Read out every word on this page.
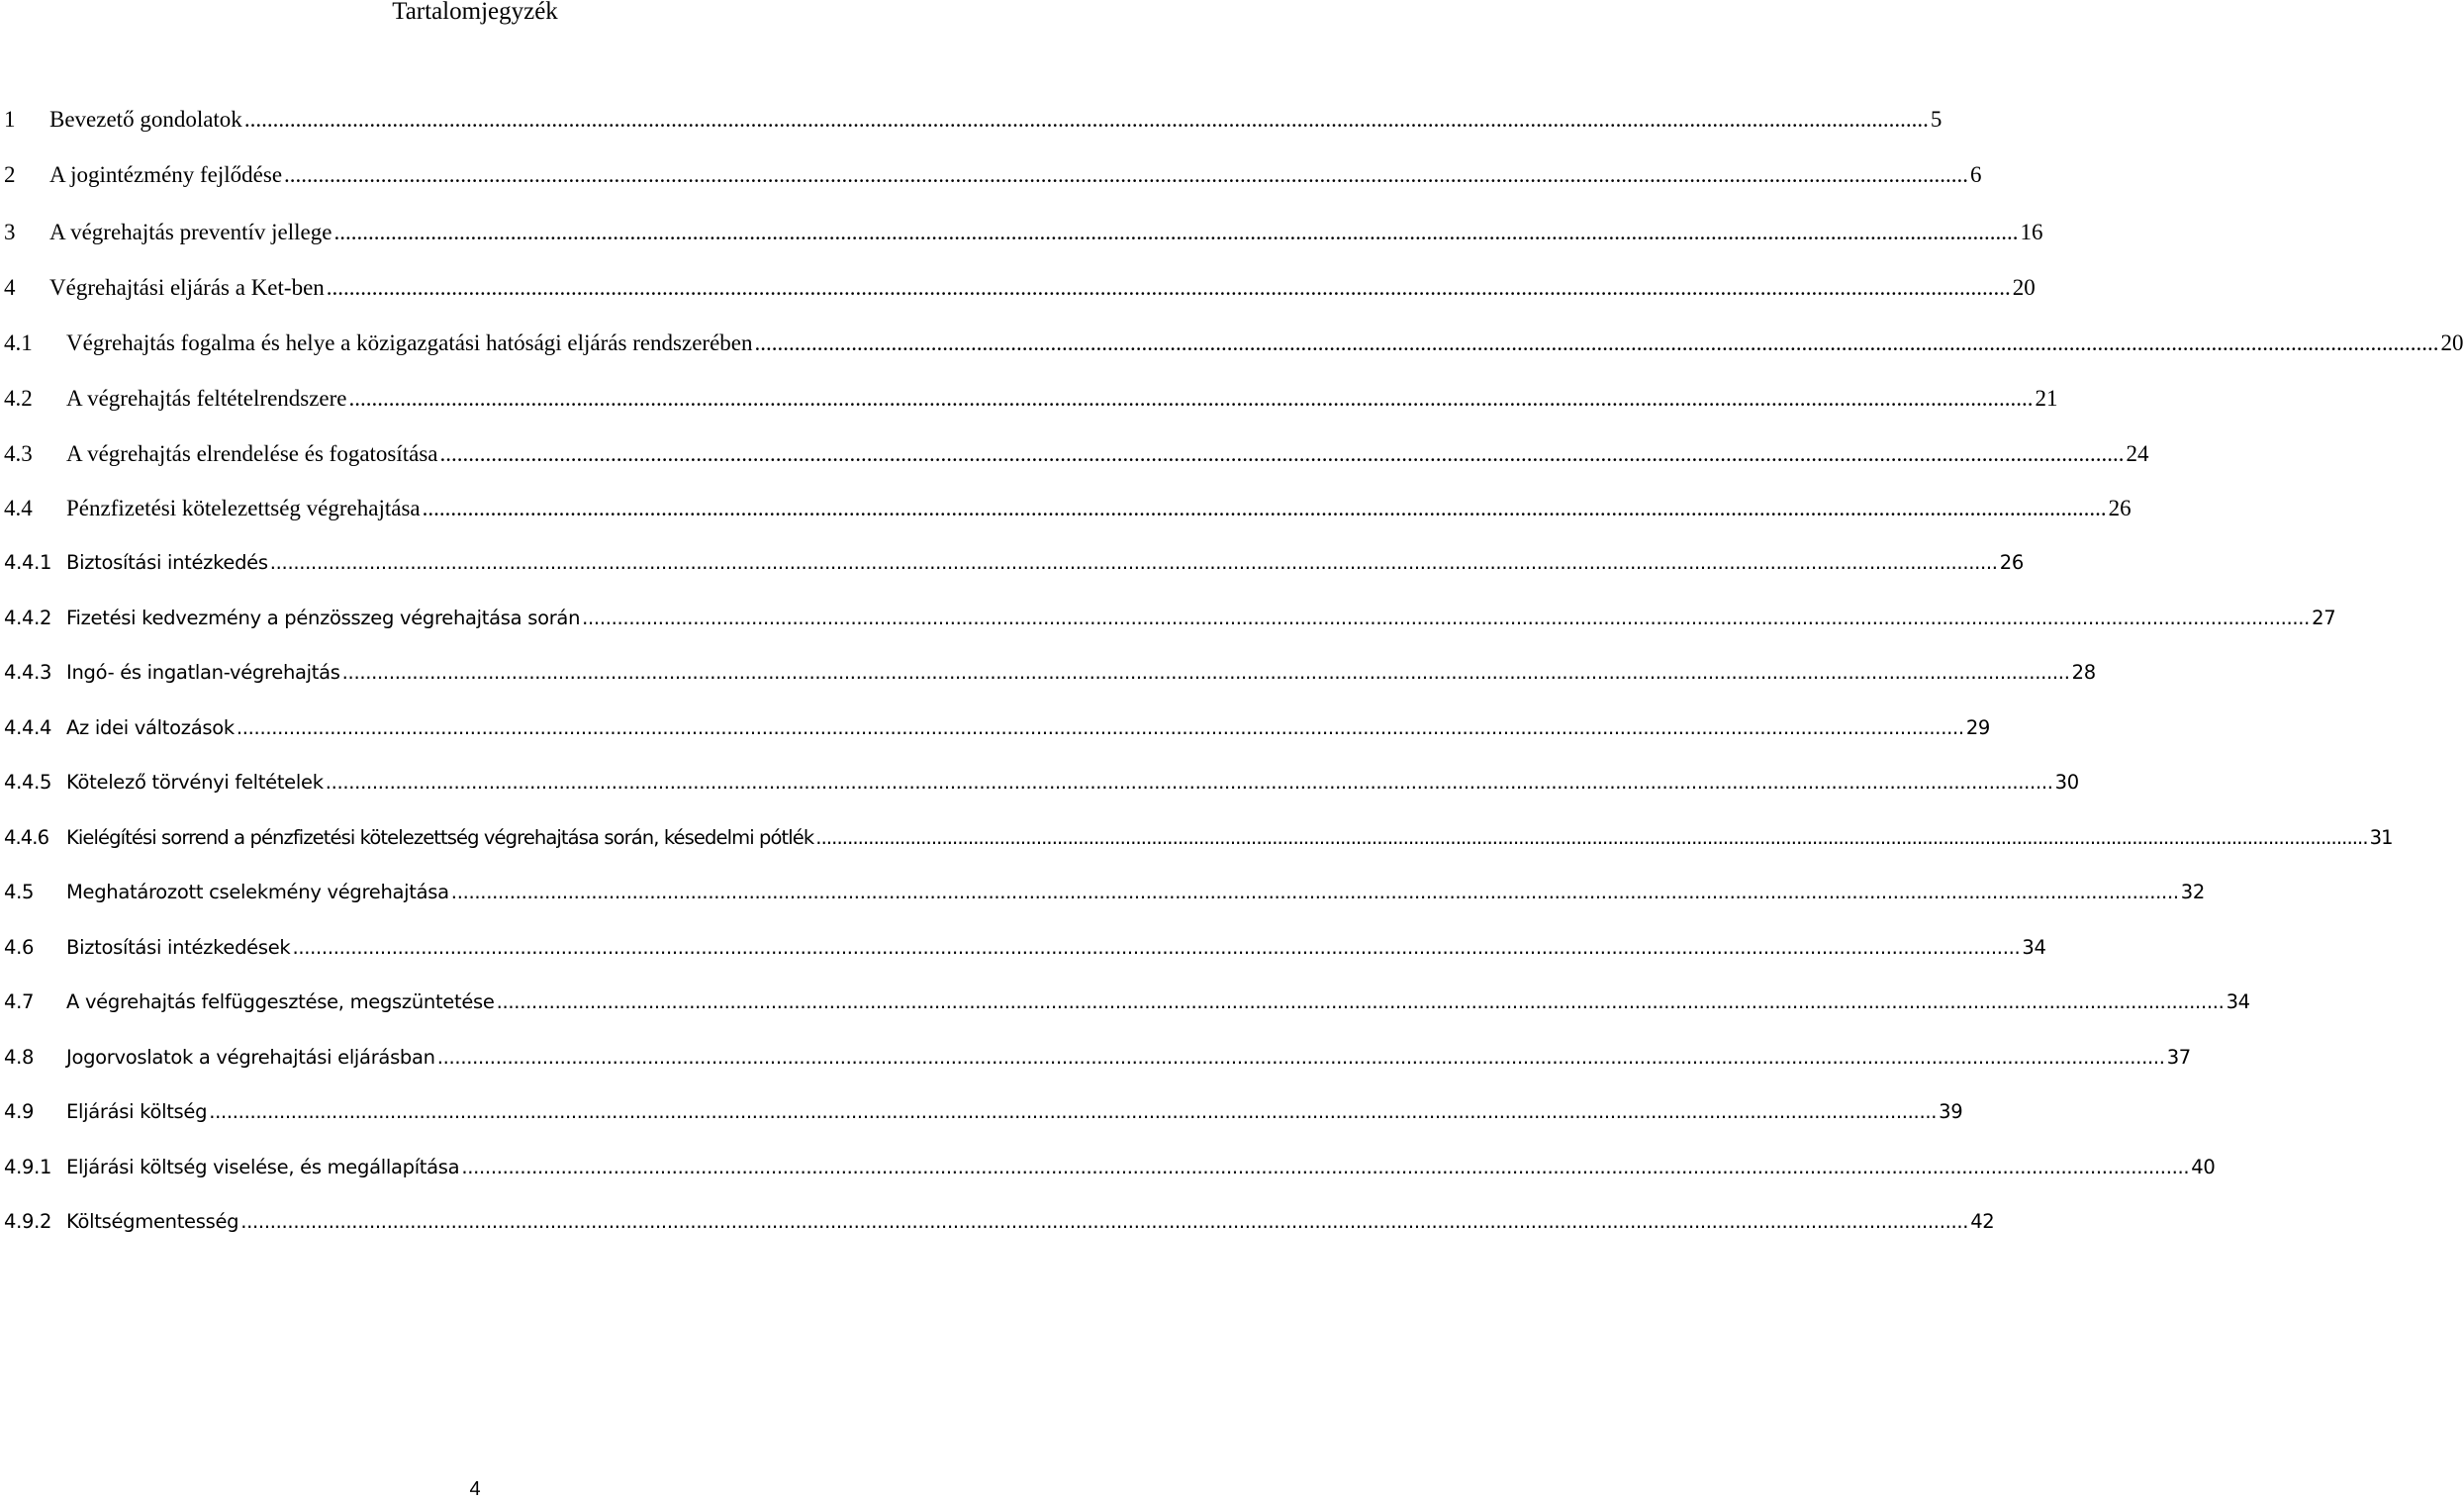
Tartalomjegyzék
1	Bevezető gondolatok ........................................................................................................................................................................................................................................................................................................ 5
2	A jogintézmény fejlődése ........................................................................................................................................................................................................................................................................................................ 6
3	A végrehajtás preventív jellege ........................................................................................................................................................................................................................................................................................................ 16
4	Végrehajtási eljárás a Ket-ben ........................................................................................................................................................................................................................................................................................................ 20
4.1	Végrehajtás fogalma és helye a közigazgatási hatósági eljárás rendszerében ........................................................................................................................................................................................................................................................................................................ 20
4.2	A végrehajtás feltételrendszere ........................................................................................................................................................................................................................................................................................................ 21
4.3	A végrehajtás elrendelése és fogatosítása ........................................................................................................................................................................................................................................................................................................ 24
4.4	Pénzfizetési kötelezettség végrehajtása ........................................................................................................................................................................................................................................................................................................ 26
4.4.1 Biztosítási intézkedés ........................................................................................................................................................................................................................................................................................................ 26
4.4.2 Fizetési kedvezmény a pénzösszeg végrehajtása során ........................................................................................................................................................................................................................................................................................................ 27
4.4.3 Ingó- és ingatlan-végrehajtás ........................................................................................................................................................................................................................................................................................................ 28
4.4.4 Az idei változások ........................................................................................................................................................................................................................................................................................................ 29
4.4.5 Kötelező törvényi feltételek ........................................................................................................................................................................................................................................................................................................ 30
4.4.6 Kielégítési sorrend a pénzfizetési kötelezettség végrehajtása során, késedelmi pótlék ........................................................................................................................................................................................................................................................................................................ 31
4.5	Meghatározott cselekmény végrehajtása ........................................................................................................................................................................................................................................................................................................ 32
4.6	Biztosítási intézkedések ........................................................................................................................................................................................................................................................................................................ 34
4.7	A végrehajtás felfüggesztése, megszüntetése ........................................................................................................................................................................................................................................................................................................ 34
4.8	Jogorvoslatok a végrehajtási eljárásban ........................................................................................................................................................................................................................................................................................................ 37
4.9	Eljárási költség ........................................................................................................................................................................................................................................................................................................ 39
4.9.1 Eljárási költség viselése, és megállapítása ........................................................................................................................................................................................................................................................................................................ 40
4.9.2 Költségmentesség ........................................................................................................................................................................................................................................................................................................ 42
4
